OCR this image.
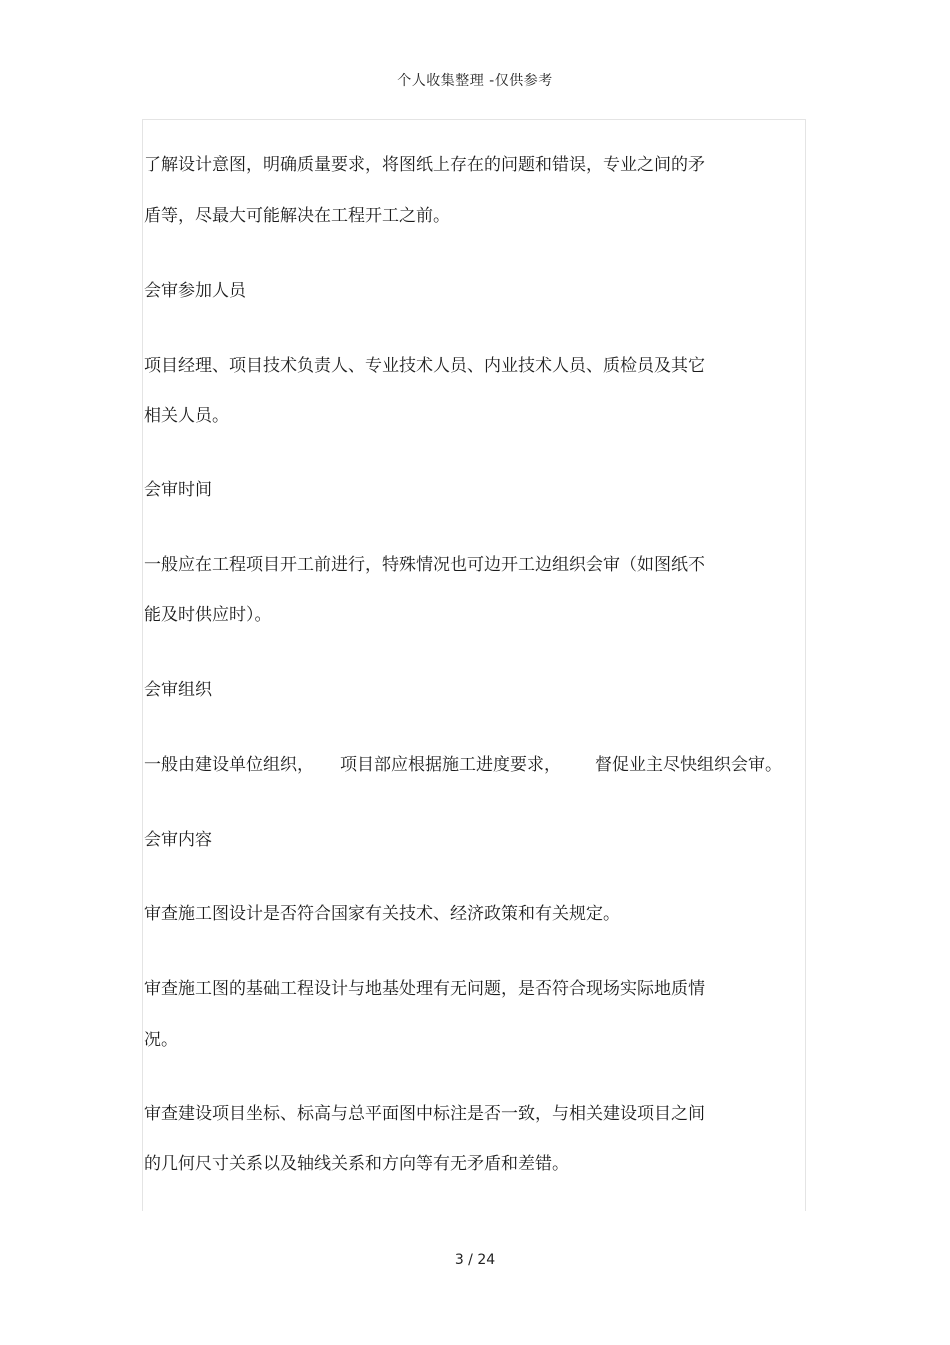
个人收集整理 -仅供参考
了解设计意图，明确质量要求，将图纸上存在的问题和错误，专业之间的矛
盾等，尽最大可能解决在工程开工之前。
会审参加人员
项目经理、项目技术负责人、专业技术人员、内业技术人员、质检员及其它
相关人员。
会审时间
一般应在工程项目开工前进行，特殊情况也可边开工边组织会审（如图纸不
能及时供应时）。
会审组织
一般由建设单位组织， 项目部应根据施工进度要求， 督促业主尽快组织会审。
会审内容
审查施工图设计是否符合国家有关技术、经济政策和有关规定。
审查施工图的基础工程设计与地基处理有无问题，是否符合现场实际地质情
况。
审查建设项目坐标、标高与总平面图中标注是否一致，与相关建设项目之间
的几何尺寸关系以及轴线关系和方向等有无矛盾和差错。
3 / 24
